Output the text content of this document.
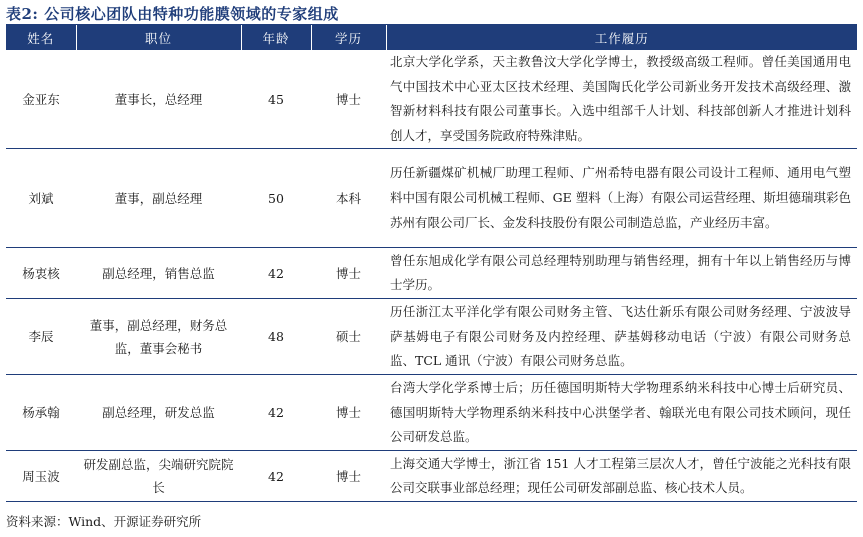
表2: 公司核心团队由特种功能膜领域的专家组成
姓名	职位	年龄	学历	工作履历
金亚东	董事长，总经理	45	博士	北京大学化学系，天主教鲁汶大学化学博士，教授级高级工程师。曾任美国通用电气中国技术中心亚太区技术经理、美国陶氏化学公司新业务开发技术高级经理、激智新材料科技有限公司董事长。入选中组部千人计划、科技部创新人才推进计划科创人才，享受国务院政府特殊津贴。
刘斌	董事，副总经理	50	本科	历任新疆煤矿机械厂助理工程师、广州希特电器有限公司设计工程师、通用电气塑料中国有限公司机械工程师、GE 塑料（上海）有限公司运营经理、斯坦德瑞琪彩色苏州有限公司厂长、金发科技股份有限公司制造总监，产业经历丰富。
杨衷核	副总经理，销售总监	42	博士	曾任东旭成化学有限公司总经理特别助理与销售经理，拥有十年以上销售经历与博士学历。
李辰	董事，副总经理，财务总监，董事会秘书	48	硕士	历任浙江太平洋化学有限公司财务主管、飞达仕新乐有限公司财务经理、宁波波导萨基姆电子有限公司财务及内控经理、萨基姆移动电话（宁波）有限公司财务总监、TCL 通讯（宁波）有限公司财务总监。
杨承翰	副总经理，研发总监	42	博士	台湾大学化学系博士后；历任德国明斯特大学物理系纳米科技中心博士后研究员、德国明斯特大学物理系纳米科技中心洪堡学者、翰联光电有限公司技术顾问，现任公司研发总监。
周玉波	研发副总监，尖端研究院院长	42	博士	上海交通大学博士，浙江省 151 人才工程第三层次人才，曾任宁波能之光科技有限公司交联事业部总经理；现任公司研发部副总监、核心技术人员。
资料来源：Wind、开源证券研究所
